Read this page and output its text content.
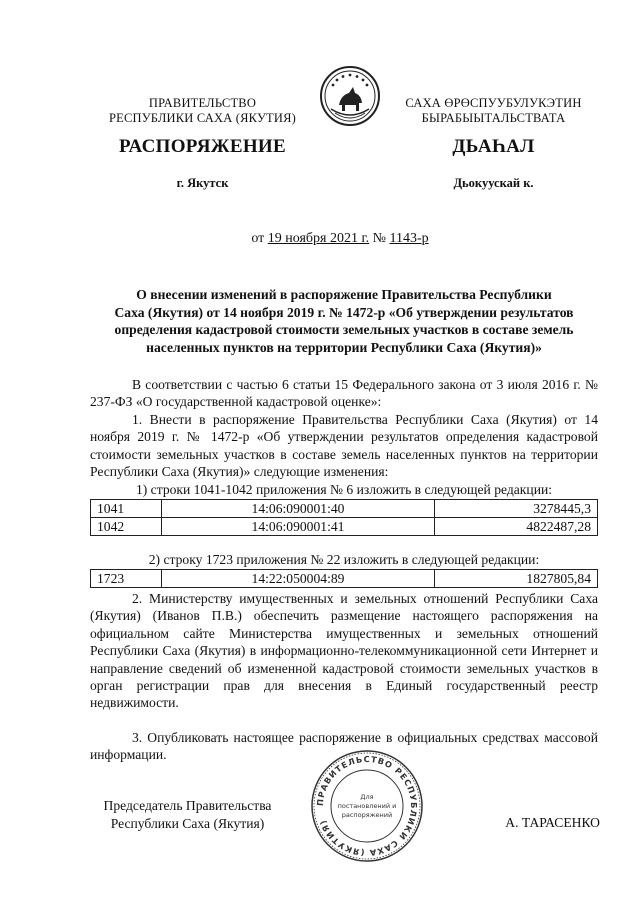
ПРАВИТЕЛЬСТВО
РЕСПУБЛИКИ САХА (ЯКУТИЯ)
САХА ӨРӨСПУУБУЛУКЭТИН
БЫРАБЫЫТАЛЬСТВАТА
РАСПОРЯЖЕНИЕ	ДЬАҺАЛ
г. Якутск	Дьокуускай к.
от 19 ноября 2021 г. № 1143-р
О внесении изменений в распоряжение Правительства Республики
Саха (Якутия) от 14 ноября 2019 г. № 1472-р «Об утверждении результатов
определения кадастровой стоимости земельных участков в составе земель
населенных пунктов на территории Республики Саха (Якутия)»
В соответствии с частью 6 статьи 15 Федерального закона от 3 июля 2016 г. № 237-ФЗ «О государственной кадастровой оценке»:
1. Внести в распоряжение Правительства Республики Саха (Якутия) от 14 ноября 2019 г. № 1472-р «Об утверждении результатов определения кадастровой стоимости земельных участков в составе земель населенных пунктов на территории Республики Саха (Якутия)» следующие изменения:
1) строки 1041-1042 приложения № 6 изложить в следующей редакции:
1041	14:06:090001:40	3278445,3
1042	14:06:090001:41	4822487,28
2) строку 1723 приложения № 22 изложить в следующей редакции:
1723	14:22:050004:89	1827805,84
2. Министерству имущественных и земельных отношений Республики Саха (Якутия) (Иванов П.В.) обеспечить размещение настоящего распоряжения на официальном сайте Министерства имущественных и земельных отношений Республики Саха (Якутия) в информационно-телекоммуникационной сети Интернет и направление сведений об измененной кадастровой стоимости земельных участков в орган регистрации прав для внесения в Единый государственный реестр недвижимости.
3. Опубликовать настоящее распоряжение в официальных средствах массовой информации.
Председатель Правительства
Республики Саха (Якутия)
ПРАВИТЕЛЬСТВО РЕСПУБЛИКИ САХА (ЯКУТИЯ)
Для
постановлений и
распоряжений	А. ТАРАСЕНКО
